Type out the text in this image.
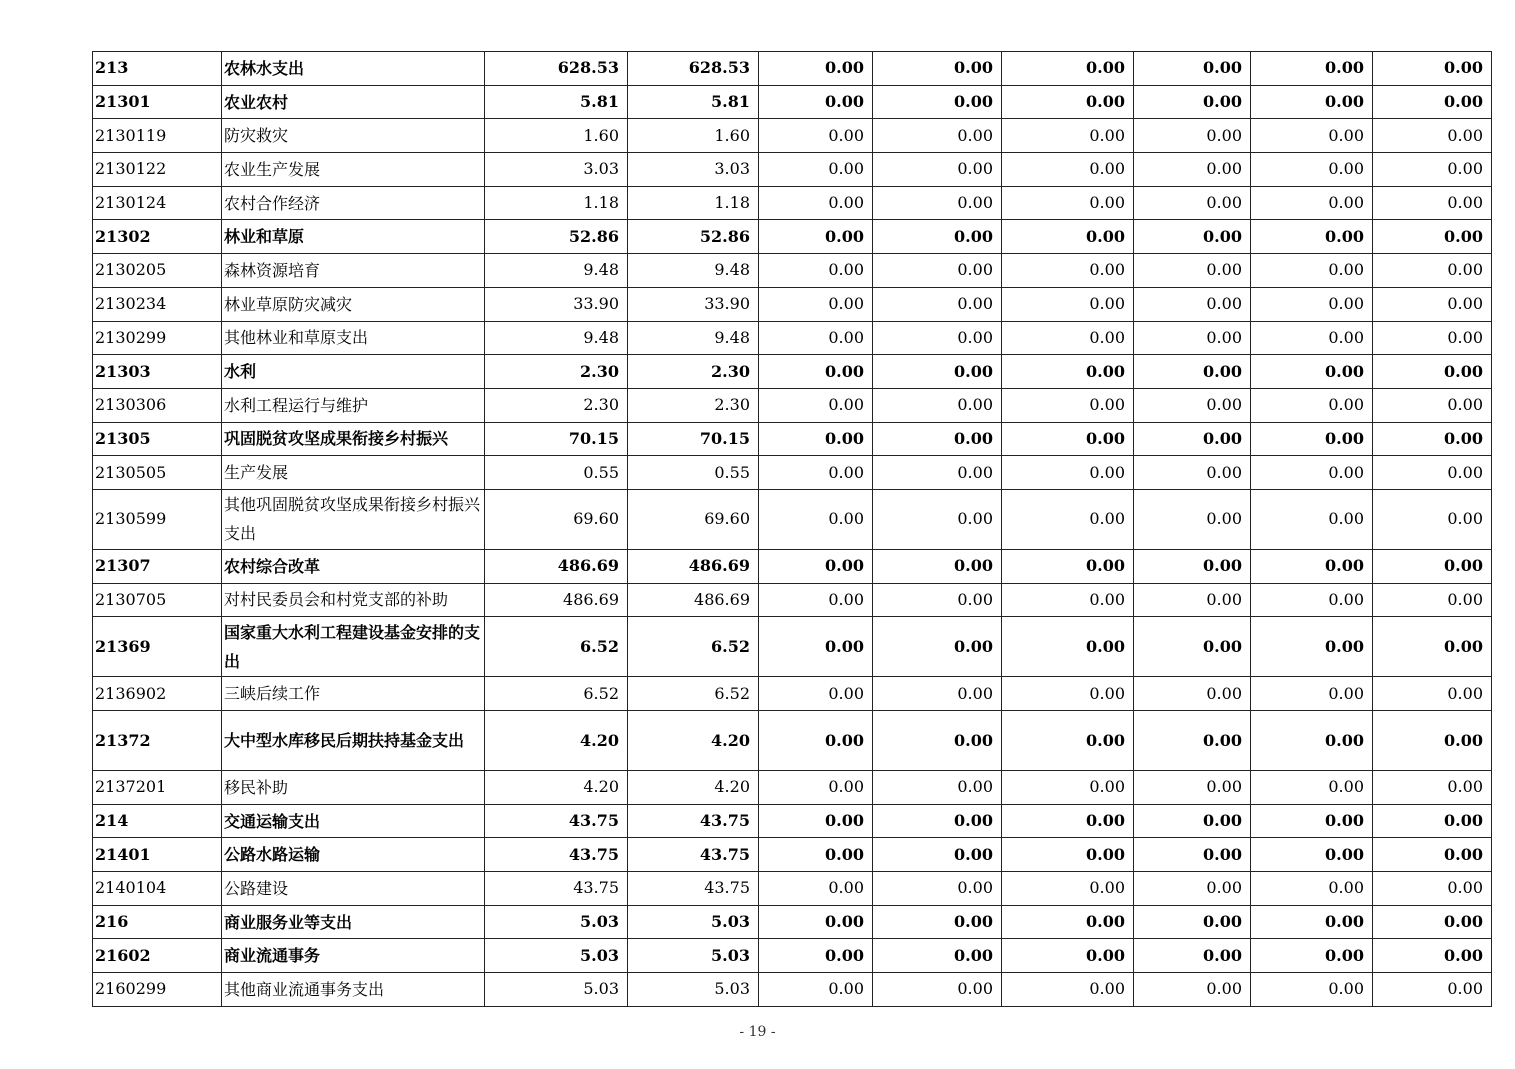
213	农林水支出	628.53	628.53	0.00	0.00	0.00	0.00	0.00	0.00
21301	农业农村	5.81	5.81	0.00	0.00	0.00	0.00	0.00	0.00
2130119	防灾救灾	1.60	1.60	0.00	0.00	0.00	0.00	0.00	0.00
2130122	农业生产发展	3.03	3.03	0.00	0.00	0.00	0.00	0.00	0.00
2130124	农村合作经济	1.18	1.18	0.00	0.00	0.00	0.00	0.00	0.00
21302	林业和草原	52.86	52.86	0.00	0.00	0.00	0.00	0.00	0.00
2130205	森林资源培育	9.48	9.48	0.00	0.00	0.00	0.00	0.00	0.00
2130234	林业草原防灾减灾	33.90	33.90	0.00	0.00	0.00	0.00	0.00	0.00
2130299	其他林业和草原支出	9.48	9.48	0.00	0.00	0.00	0.00	0.00	0.00
21303	水利	2.30	2.30	0.00	0.00	0.00	0.00	0.00	0.00
2130306	水利工程运行与维护	2.30	2.30	0.00	0.00	0.00	0.00	0.00	0.00
21305	巩固脱贫攻坚成果衔接乡村振兴	70.15	70.15	0.00	0.00	0.00	0.00	0.00	0.00
2130505	生产发展	0.55	0.55	0.00	0.00	0.00	0.00	0.00	0.00
2130599	其他巩固脱贫攻坚成果衔接乡村振兴支出	69.60	69.60	0.00	0.00	0.00	0.00	0.00	0.00
21307	农村综合改革	486.69	486.69	0.00	0.00	0.00	0.00	0.00	0.00
2130705	对村民委员会和村党支部的补助	486.69	486.69	0.00	0.00	0.00	0.00	0.00	0.00
21369	国家重大水利工程建设基金安排的支出	6.52	6.52	0.00	0.00	0.00	0.00	0.00	0.00
2136902	三峡后续工作	6.52	6.52	0.00	0.00	0.00	0.00	0.00	0.00
21372	大中型水库移民后期扶持基金支出	4.20	4.20	0.00	0.00	0.00	0.00	0.00	0.00
2137201	移民补助	4.20	4.20	0.00	0.00	0.00	0.00	0.00	0.00
214	交通运输支出	43.75	43.75	0.00	0.00	0.00	0.00	0.00	0.00
21401	公路水路运输	43.75	43.75	0.00	0.00	0.00	0.00	0.00	0.00
2140104	公路建设	43.75	43.75	0.00	0.00	0.00	0.00	0.00	0.00
216	商业服务业等支出	5.03	5.03	0.00	0.00	0.00	0.00	0.00	0.00
21602	商业流通事务	5.03	5.03	0.00	0.00	0.00	0.00	0.00	0.00
2160299	其他商业流通事务支出	5.03	5.03	0.00	0.00	0.00	0.00	0.00	0.00
- 19 -
